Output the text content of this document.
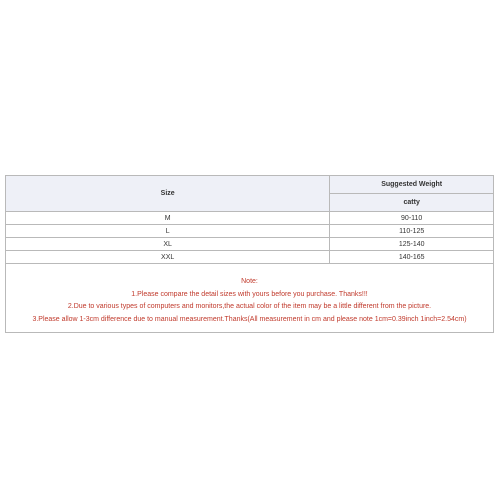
Size	Suggested Weight
	catty
M	90-110
L	110-125
XL	125-140
XXL	140-165
Note:
1.Please compare the detail sizes with yours before you purchase. Thanks!!!
2.Due to various types of computers and monitors,the actual color of the item may be a little different from the picture.
3.Please allow 1-3cm difference due to manual measurement.Thanks(All measurement in cm and please note 1cm=0.39inch 1inch=2.54cm)
